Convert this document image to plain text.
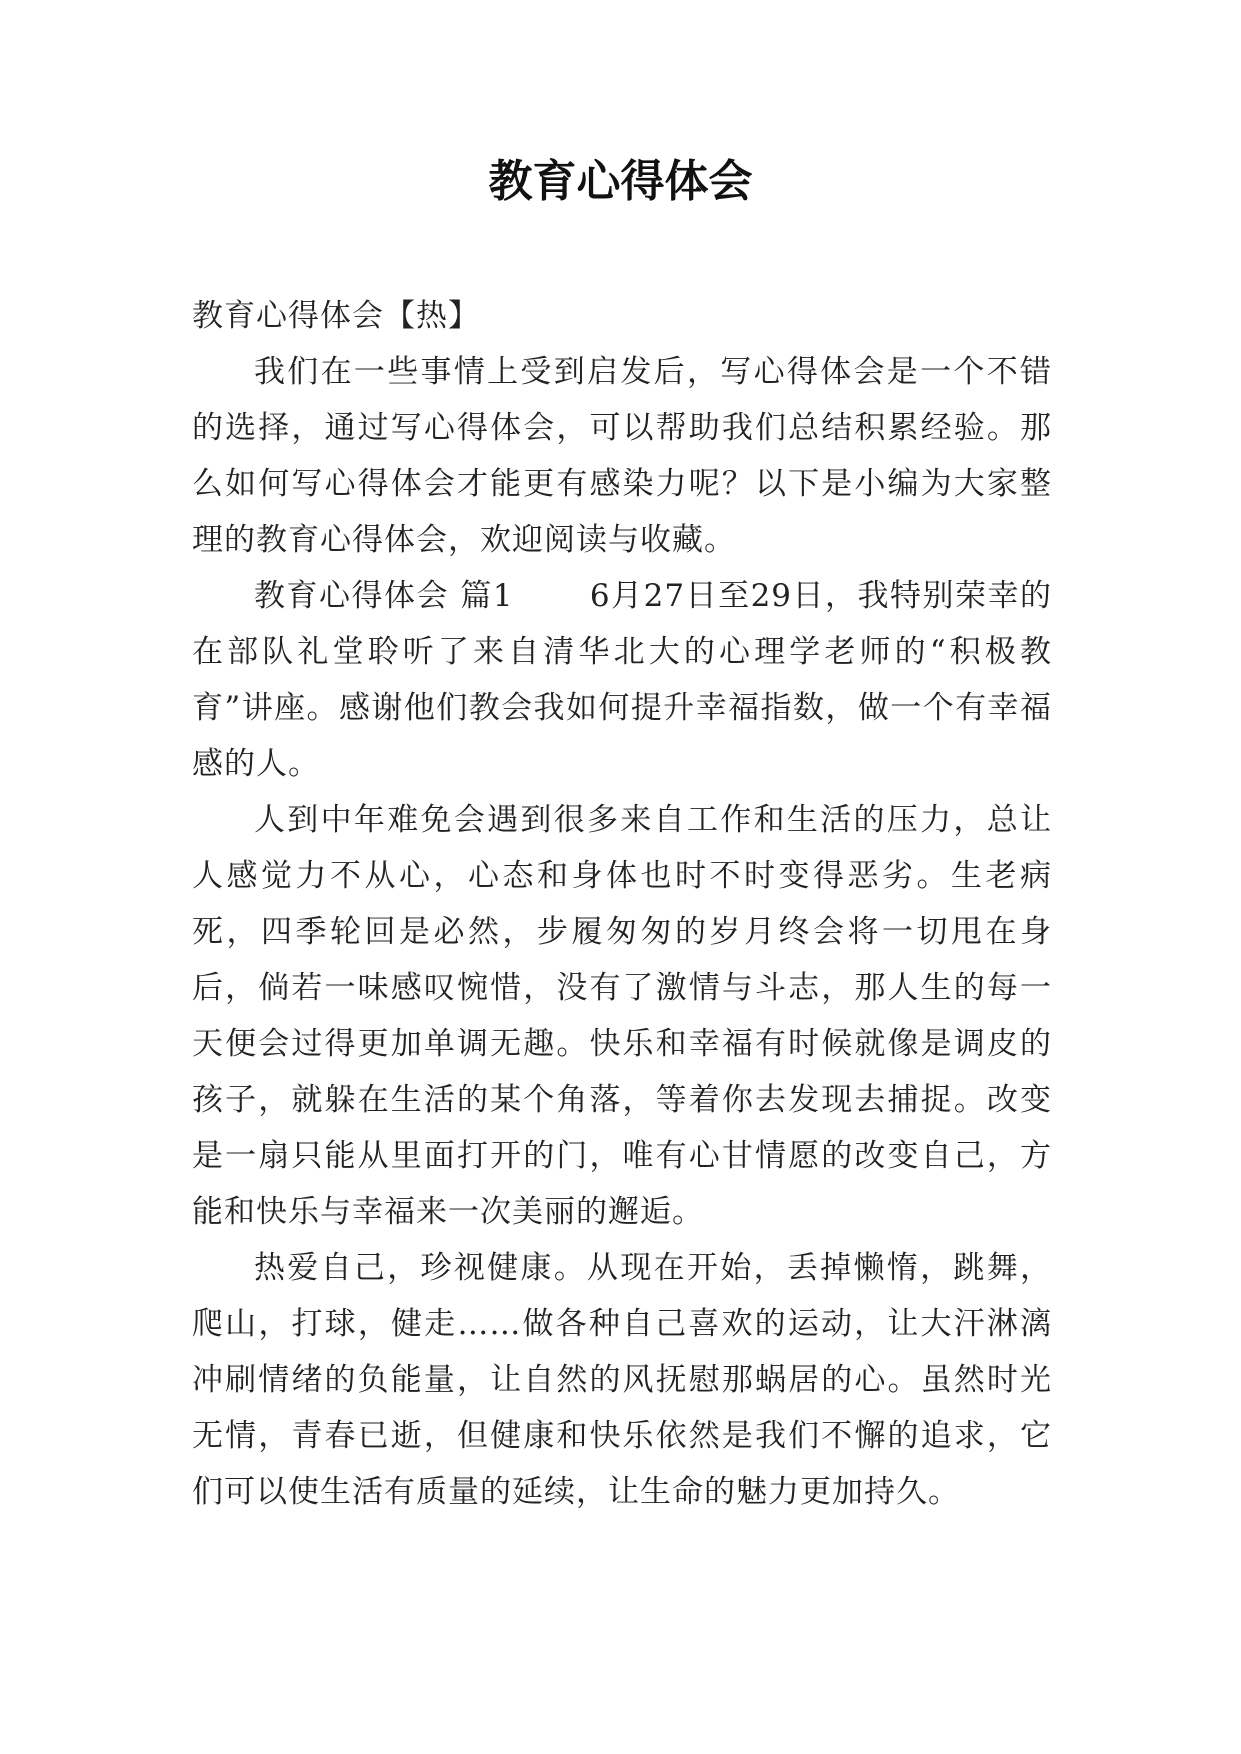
教育心得体会

教育心得体会【热】

我们在一些事情上受到启发后，写心得体会是一个不错的选择，通过写心得体会，可以帮助我们总结积累经验。那么如何写心得体会才能更有感染力呢？以下是小编为大家整理的教育心得体会，欢迎阅读与收藏。

教育心得体会 篇1 　　6月27日至29日，我特别荣幸的在部队礼堂聆听了来自清华北大的心理学老师的“积极教育”讲座。感谢他们教会我如何提升幸福指数，做一个有幸福感的人。

人到中年难免会遇到很多来自工作和生活的压力，总让人感觉力不从心，心态和身体也时不时变得恶劣。生老病死，四季轮回是必然，步履匆匆的岁月终会将一切甩在身后，倘若一味感叹惋惜，没有了激情与斗志，那人生的每一天便会过得更加单调无趣。快乐和幸福有时候就像是调皮的孩子，就躲在生活的某个角落，等着你去发现去捕捉。改变是一扇只能从里面打开的门，唯有心甘情愿的改变自己，方能和快乐与幸福来一次美丽的邂逅。

热爱自己，珍视健康。从现在开始，丢掉懒惰，跳舞，爬山，打球，健走……做各种自己喜欢的运动，让大汗淋漓冲刷情绪的负能量，让自然的风抚慰那蜗居的心。虽然时光无情，青春已逝，但健康和快乐依然是我们不懈的追求，它们可以使生活有质量的延续，让生命的魅力更加持久。
